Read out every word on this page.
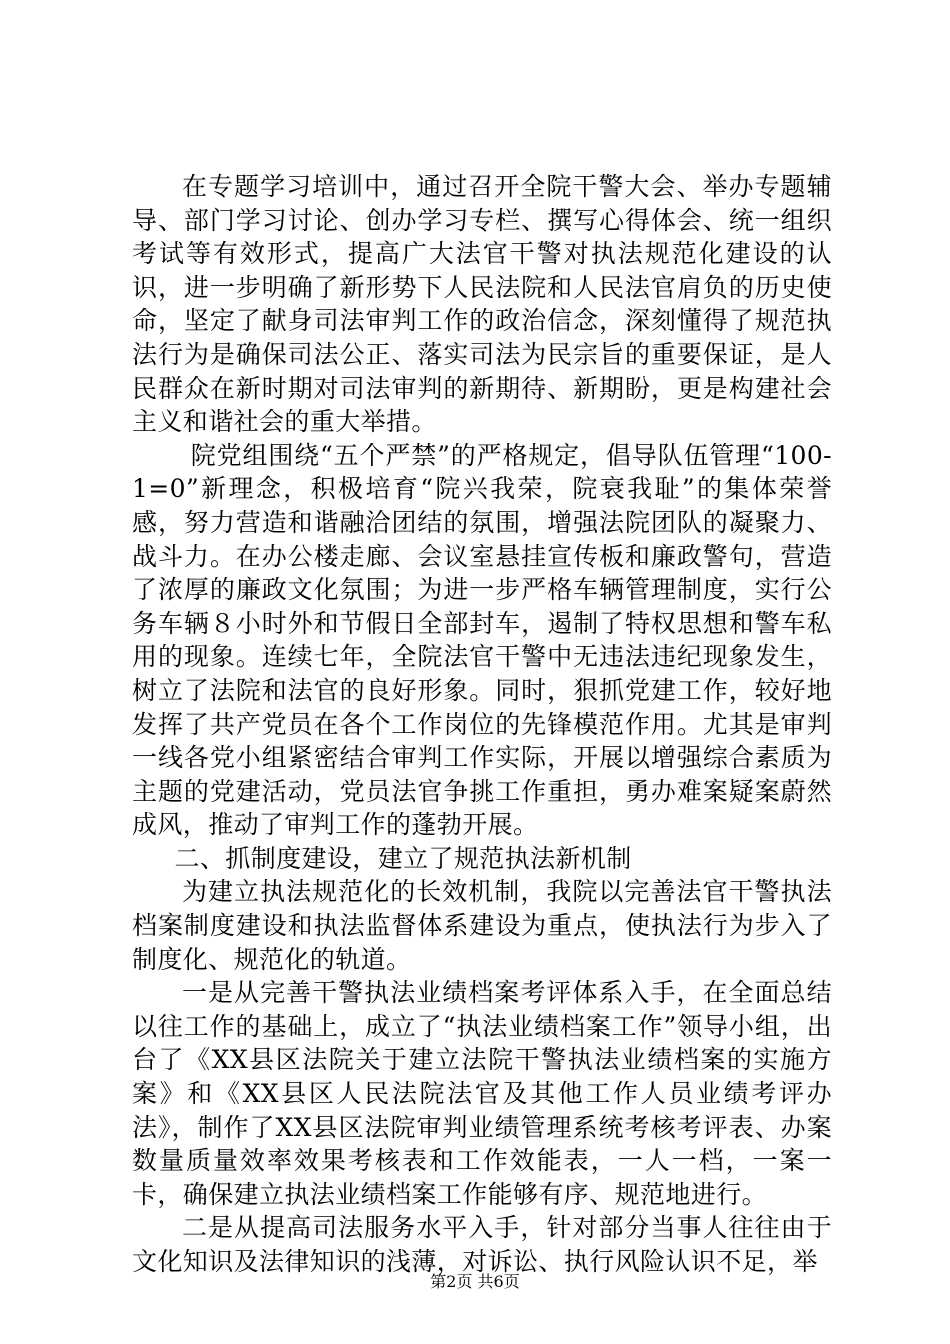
在专题学习培训中，通过召开全院干警大会、举办专题辅导、部门学习讨论、创办学习专栏、撰写心得体会、统一组织考试等有效形式，提高广大法官干警对执法规范化建设的认识，进一步明确了新形势下人民法院和人民法官肩负的历史使命，坚定了献身司法审判工作的政治信念，深刻懂得了规范执法行为是确保司法公正、落实司法为民宗旨的重要保证，是人民群众在新时期对司法审判的新期待、新期盼，更是构建社会主义和谐社会的重大举措。

院党组围绕“五个严禁”的严格规定，倡导队伍管理“100-1=0”新理念，积极培育“院兴我荣，院衰我耻”的集体荣誉感，努力营造和谐融洽团结的氛围，增强法院团队的凝聚力、战斗力。在办公楼走廊、会议室悬挂宣传板和廉政警句，营造了浓厚的廉政文化氛围；为进一步严格车辆管理制度，实行公务车辆８小时外和节假日全部封车，遏制了特权思想和警车私用的现象。连续七年，全院法官干警中无违法违纪现象发生，树立了法院和法官的良好形象。同时，狠抓党建工作，较好地发挥了共产党员在各个工作岗位的先锋模范作用。尤其是审判一线各党小组紧密结合审判工作实际，开展以增强综合素质为主题的党建活动，党员法官争挑工作重担，勇办难案疑案蔚然成风，推动了审判工作的蓬勃开展。

二、抓制度建设，建立了规范执法新机制

为建立执法规范化的长效机制，我院以完善法官干警执法档案制度建设和执法监督体系建设为重点，使执法行为步入了制度化、规范化的轨道。

一是从完善干警执法业绩档案考评体系入手，在全面总结以往工作的基础上，成立了“执法业绩档案工作”领导小组，出台了《XX县区法院关于建立法院干警执法业绩档案的实施方案》和《XX县区人民法院法官及其他工作人员业绩考评办法》，制作了XX县区法院审判业绩管理系统考核考评表、办案数量质量效率效果考核表和工作效能表，一人一档，一案一卡，确保建立执法业绩档案工作能够有序、规范地进行。

二是从提高司法服务水平入手，针对部分当事人往往由于文化知识及法律知识的浅薄，对诉讼、执行风险认识不足，举

第2页 共6页
